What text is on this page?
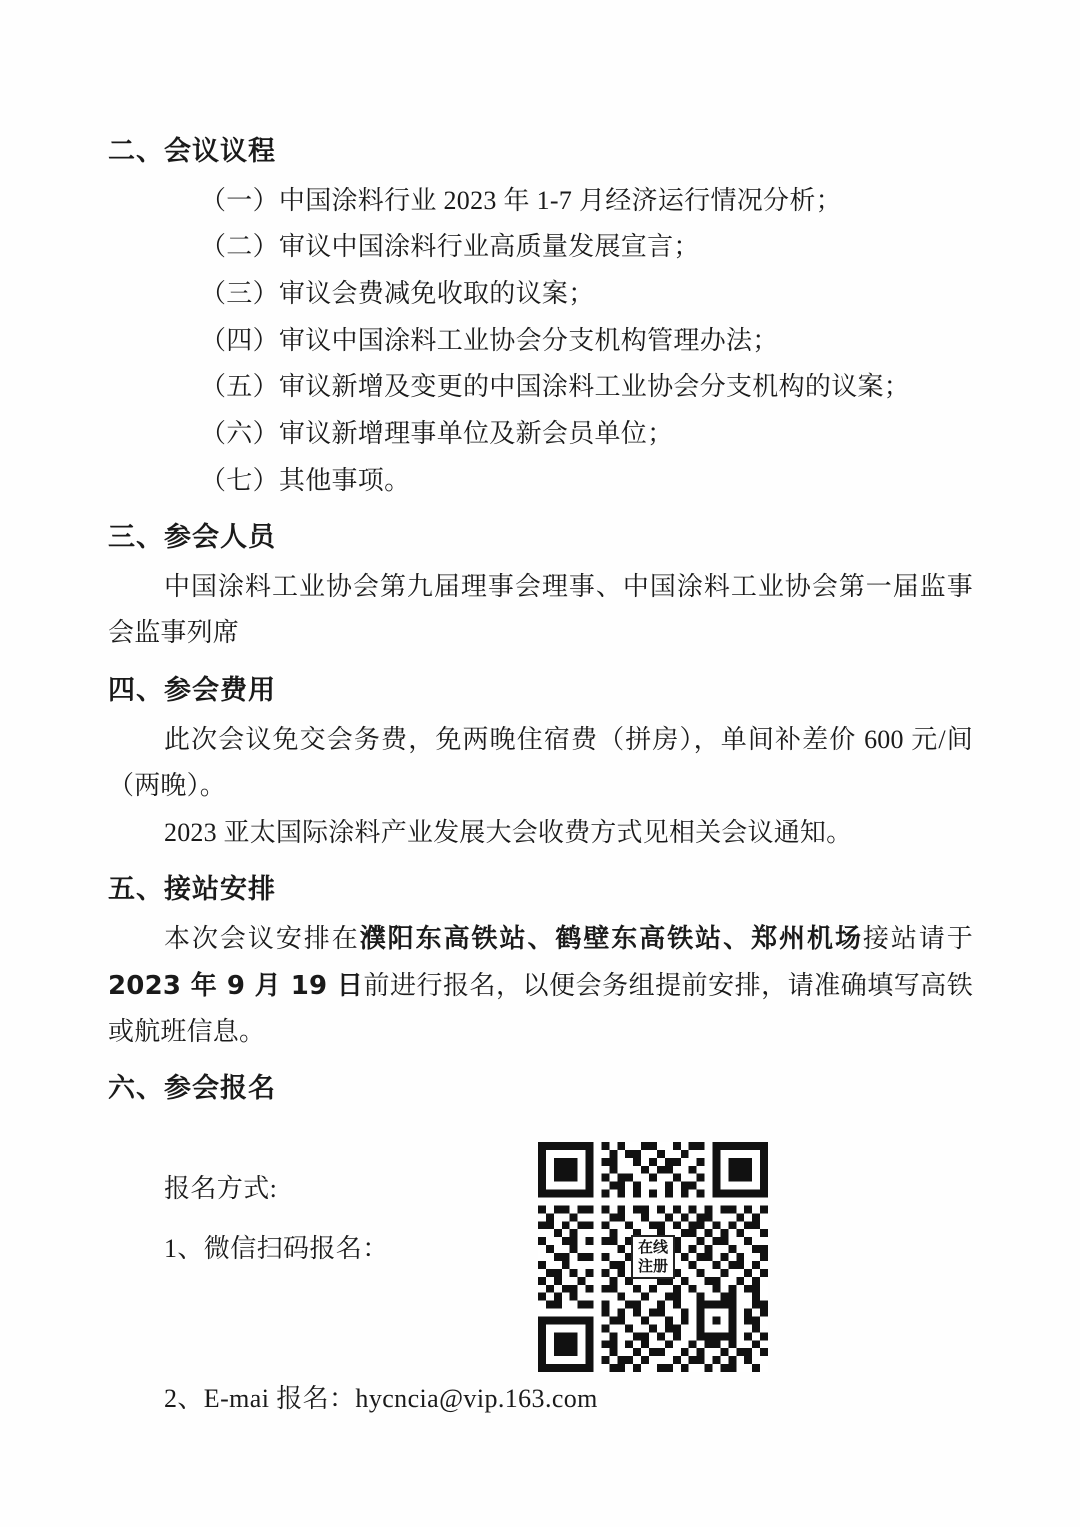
二、会议议程

（一）中国涂料行业 2023 年 1-7 月经济运行情况分析；

（二）审议中国涂料行业高质量发展宣言；

（三）审议会费减免收取的议案；

（四）审议中国涂料工业协会分支机构管理办法；

（五）审议新增及变更的中国涂料工业协会分支机构的议案；

（六）审议新增理事单位及新会员单位；

（七）其他事项。

三、参会人员

中国涂料工业协会第九届理事会理事、中国涂料工业协会第一届监事会监事列席

四、参会费用

此次会议免交会务费，免两晚住宿费（拼房），单间补差价 600 元/间（两晚）。

2023 亚太国际涂料产业发展大会收费方式见相关会议通知。

五、接站安排

本次会议安排在濮阳东高铁站、鹤壁东高铁站、郑州机场接站请于 2023 年 9 月 19 日前进行报名，以便会务组提前安排，请准确填写高铁或航班信息。

六、参会报名

报名方式:
1、微信扫码报名：	在线
注册
2、E-mai 报名：hycncia@vip.163.com
